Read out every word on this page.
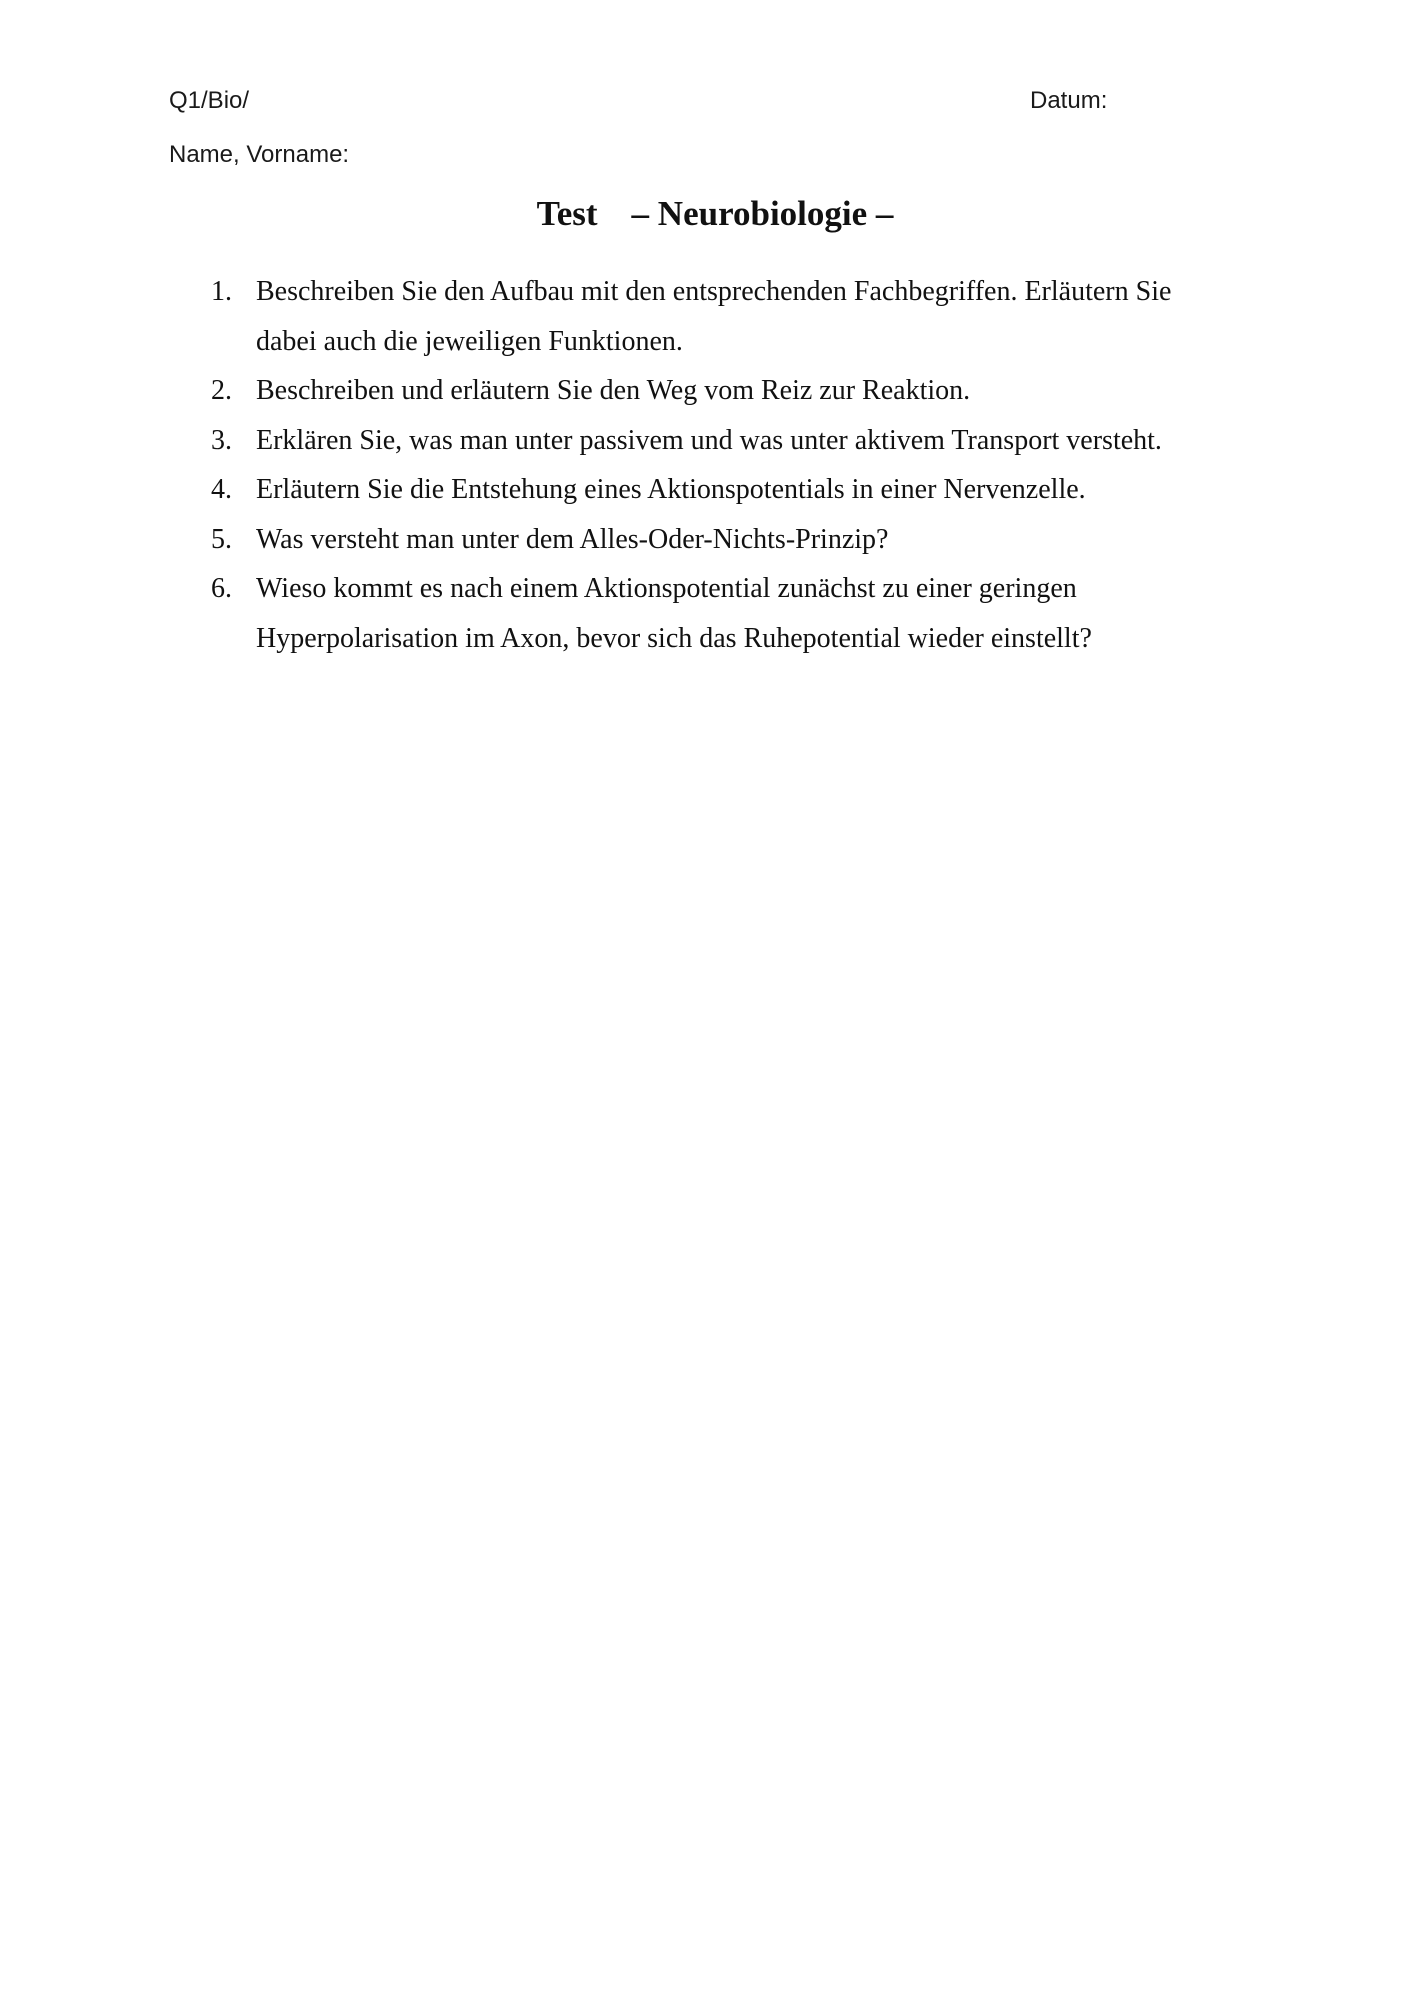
Q1/Bio/	Datum:
Name, Vorname:
Test – Neurobiologie –
1. Beschreiben Sie den Aufbau mit den entsprechenden Fachbegriffen. Erläutern Sie dabei auch die jeweiligen Funktionen.
2. Beschreiben und erläutern Sie den Weg vom Reiz zur Reaktion.
3. Erklären Sie, was man unter passivem und was unter aktivem Transport versteht.
4. Erläutern Sie die Entstehung eines Aktionspotentials in einer Nervenzelle.
5. Was versteht man unter dem Alles-Oder-Nichts-Prinzip?
6. Wieso kommt es nach einem Aktionspotential zunächst zu einer geringen Hyperpolarisation im Axon, bevor sich das Ruhepotential wieder einstellt?
